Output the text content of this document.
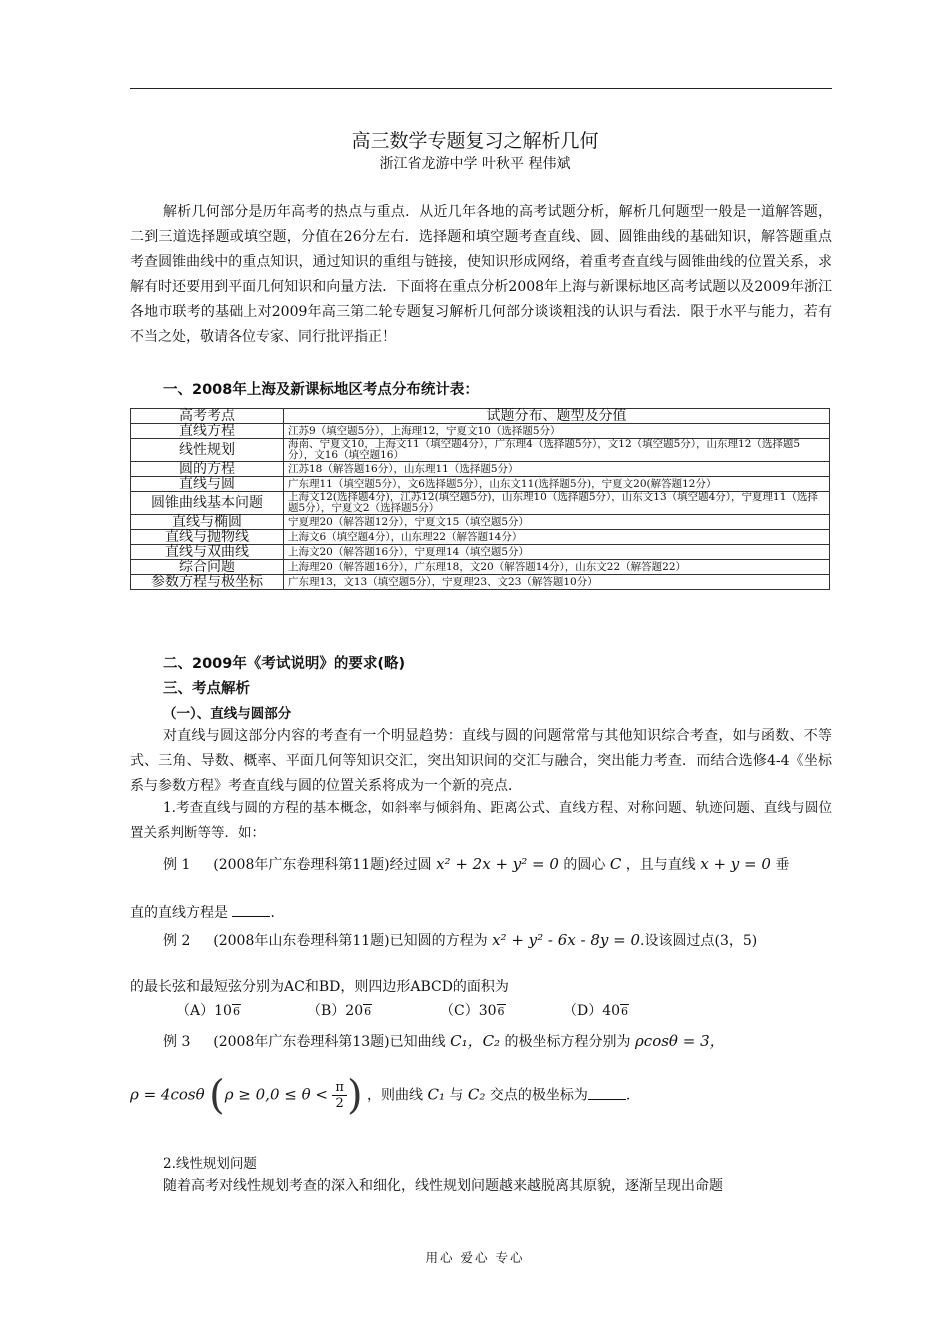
高三数学专题复习之解析几何
浙江省龙游中学 叶秋平 程伟斌

解析几何部分是历年高考的热点与重点．从近几年各地的高考试题分析，解析几何题型一般是一道解答题，二到三道选择题或填空题，分值在26分左右．选择题和填空题考查直线、圆、圆锥曲线的基础知识，解答题重点考查圆锥曲线中的重点知识，通过知识的重组与链接，使知识形成网络，着重考查直线与圆锥曲线的位置关系，求解有时还要用到平面几何知识和向量方法．下面将在重点分析2008年上海与新课标地区高考试题以及2009年浙江各地市联考的基础上对2009年高三第二轮专题复习解析几何部分谈谈粗浅的认识与看法．限于水平与能力，若有不当之处，敬请各位专家、同行批评指正！

一、2008年上海及新课标地区考点分布统计表：
高考考点	试题分布、题型及分值
直线方程	江苏9（填空题5分），上海理12，宁夏文10（选择题5分）
线性规划	海南、宁夏文10，上海文11（填空题4分），广东理4（选择题5分），文12（填空题5分），山东理12（选择题5分），文16（填空题16）
圆的方程	江苏18（解答题16分），山东理11（选择题5分）
直线与圆	广东理11（填空题5分），文6选择题5分），山东文11(选择题5分)，宁夏文20(解答题12分）
圆锥曲线基本问题	上海文12(选择题4分)，江苏12(填空题5分)，山东理10（选择题5分），山东文13（填空题4分），宁夏理11（选择题5分），宁夏文2（选择题5分）
直线与椭圆	宁夏理20（解答题12分），宁夏文15（填空题5分）
直线与抛物线	上海文6（填空题4分），山东理22（解答题14分）
直线与双曲线	上海文20（解答题16分），宁夏理14（填空题5分）
综合问题	上海理20（解答题16分），广东理18，文20（解答题14分），山东文22（解答题22）
参数方程与极坐标	广东理13，文13（填空题5分），宁夏理23、文23（解答题10分）
二、2009年《考试说明》的要求(略)
三、考点解析
（一）、直线与圆部分

对直线与圆这部分内容的考查有一个明显趋势：直线与圆的问题常常与其他知识综合考查，如与函数、不等式、三角、导数、概率、平面几何等知识交汇，突出知识间的交汇与融合，突出能力考查．而结合选修4-4《坐标系与参数方程》考查直线与圆的位置关系将成为一个新的亮点．

1.考查直线与圆的方程的基本概念，如斜率与倾斜角、距离公式、直线方程、对称问题、轨迹问题、直线与圆位置关系判断等等．如：

例 1 (2008年广东卷理科第11题)经过圆 x² + 2x + y² = 0 的圆心 C ，且与直线 x + y = 0 垂
直的直线方程是	．
例 2 (2008年山东卷理科第11题)已知圆的方程为 x² + y² - 6x - 8y = 0.设该圆过点(3，5)
的最长弦和最短弦分别为AC和BD，则四边形ABCD的面积为
（A）106	（B）206	（C）306	（D）406
例 3 (2008年广东卷理科第13题)已知曲线 C₁，C₂ 的极坐标方程分别为 ρcosθ = 3，
ρ = 4cosθ ($\rho \ge 0,0 \le \theta < \frac{\pi}{2}$ ) ，则曲线 C₁ 与 C₂ 交点的极坐标为	．
2.线性规划问题

随着高考对线性规划考查的深入和细化，线性规划问题越来越脱离其原貌，逐渐呈现出命题

用心 爱心 专心
